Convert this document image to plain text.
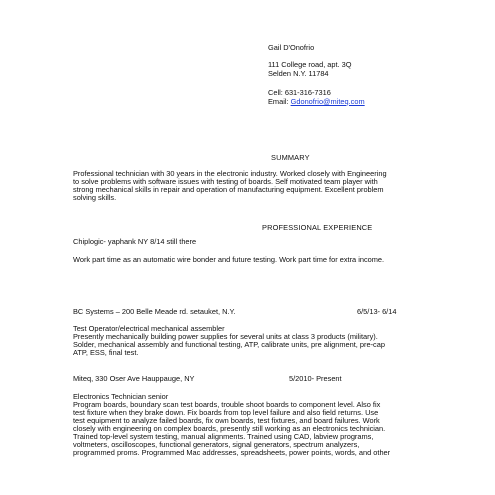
Gail D'Onofrio
111 College road, apt. 3Q
Selden N.Y. 11784
Cell: 631-316-7316
Email: Gdonofrio@miteq.com
SUMMARY
Professional technician with 30 years in the electronic industry. Worked closely with Engineering
to solve problems with software issues with testing of boards. Self motivated team player with
strong mechanical skills in repair and operation of manufacturing equipment. Excellent problem
solving skills.
PROFESSIONAL EXPERIENCE
Chiplogic- yaphank NY 8/14 still there
Work part time as an automatic wire bonder and future testing. Work part time for extra income.
BC Systems – 200 Belle Meade rd. setauket, N.Y.	6/5/13- 6/14
Test Operator/electrical mechanical assembler
Presently mechanically building power supplies for several units at class 3 products (military).
Solder, mechanical assembly and functional testing, ATP, calibrate units, pre alignment, pre-cap
ATP, ESS, final test.
Miteq, 330 Oser Ave Hauppauge, NY	5/2010- Present
Electronics Technician senior
Program boards, boundary scan test boards, trouble shoot boards to component level. Also fix
test fixture when they brake down. Fix boards from top level failure and also field returns. Use
test equipment to analyze failed boards, fix own boards, test fixtures, and board failures. Work
closely with engineering on complex boards, presently still working as an electronics technician.
Trained top-level system testing, manual alignments. Trained using CAD, labview programs,
voltmeters, oscilloscopes, functional generators, signal generators, spectrum analyzers,
programmed proms. Programmed Mac addresses, spreadsheets, power points, words, and other
